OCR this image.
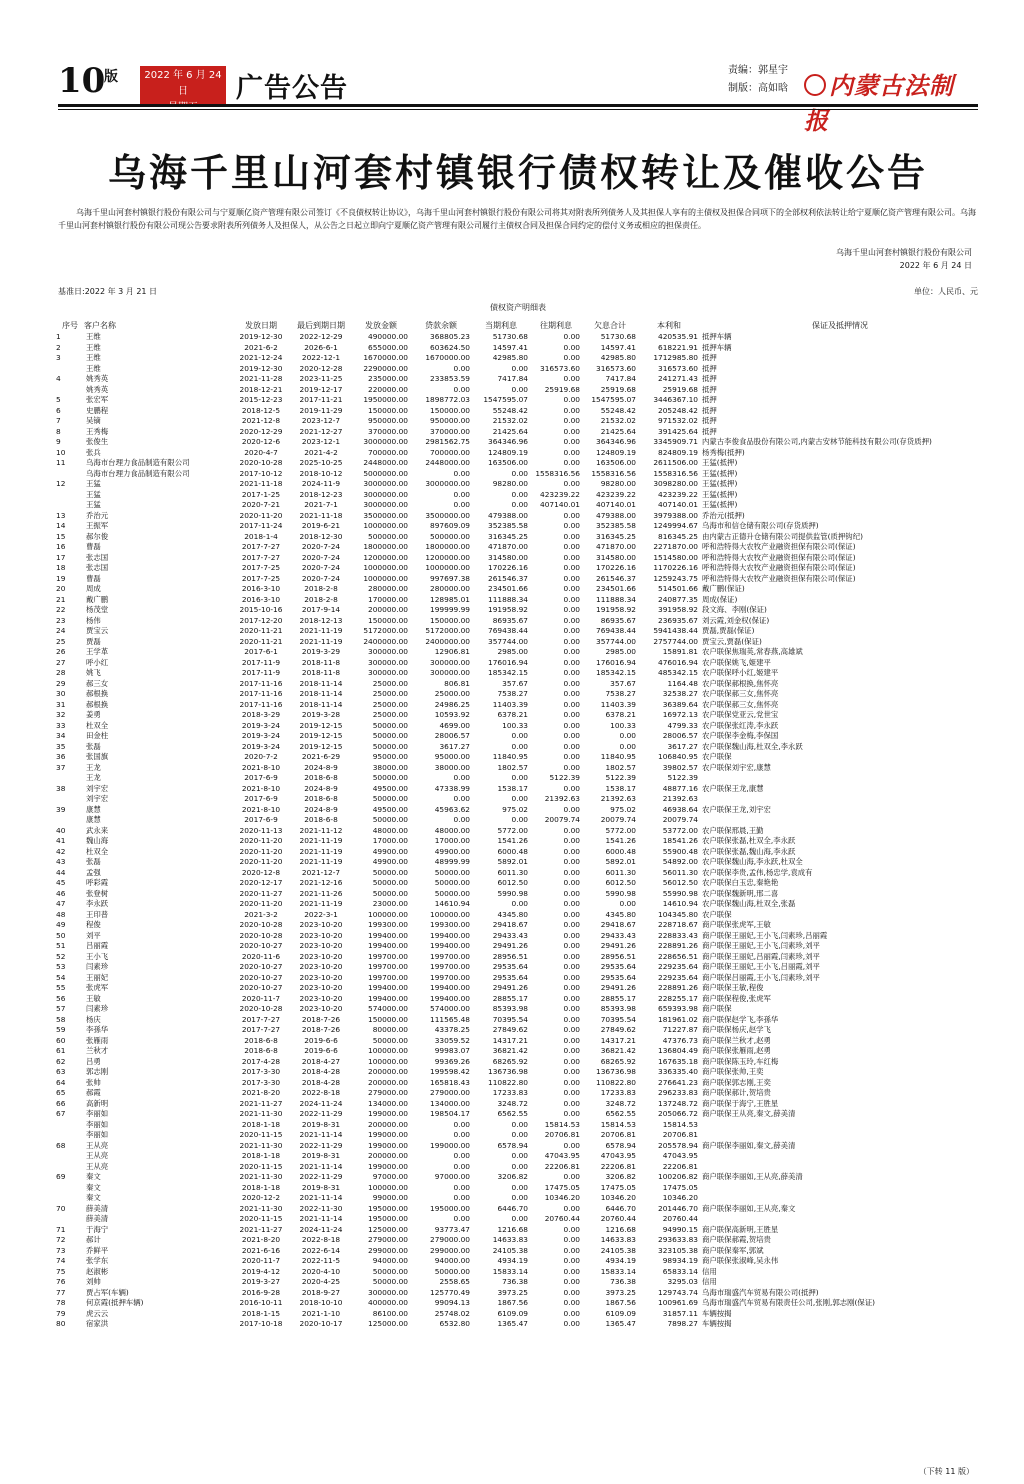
10
版	2022 年 6 月 24 日
星期五
广告公告
责编：郭星宇
制版：高如晗	内蒙古法制报
乌海千里山河套村镇银行债权转让及催收公告
乌海千里山河套村镇银行股份有限公司与宁夏顺亿资产管理有限公司签订《不良债权转让协议》，乌海千里山河套村镇银行股份有限公司将其对附表所列债务人及其担保人享有的主债权及担保合同项下的全部权利依法转让给宁夏顺亿资产管理有限公司。乌海千里山河套村镇银行股份有限公司现公告要求附表所列债务人及担保人，从公告之日起立即向宁夏顺亿资产管理有限公司履行主债权合同及担保合同约定的偿付义务或相应的担保责任。
乌海千里山河套村镇银行股份有限公司
2022 年 6 月 24 日
基准日:2022 年 3 月 21 日	单位：人民币、元
债权资产明细表
序号	客户名称	发放日期	最后到期日期	发放金额	贷款余额	当期利息	往期利息	欠息合计	本利和	保证及抵押情况
1	王维	2019-12-30	2022-12-29	490000.00	368805.23	51730.68	0.00	51730.68	420535.91	抵押车辆
2	王维	2021-6-2	2026-6-1	655000.00	603624.50	14597.41	0.00	14597.41	618221.91	抵押车辆
3	王维	2021-12-24	2022-12-1	1670000.00	1670000.00	42985.80	0.00	42985.80	1712985.80	抵押
	王维	2019-12-30	2020-12-28	2290000.00	0.00	0.00	316573.60	316573.60	316573.60	抵押
4	姚秀英	2021-11-28	2023-11-25	235000.00	233853.59	7417.84	0.00	7417.84	241271.43	抵押
	姚秀英	2018-12-21	2019-12-17	220000.00	0.00	0.00	25919.68	25919.68	25919.68	抵押
5	张宏军	2015-12-23	2017-11-21	1950000.00	1898772.03	1547595.07	0.00	1547595.07	3446367.10	抵押
6	史鹏程	2018-12-5	2019-11-29	150000.00	150000.00	55248.42	0.00	55248.42	205248.42	抵押
7	吴镝	2021-12-8	2023-12-7	950000.00	950000.00	21532.02	0.00	21532.02	971532.02	抵押
8	王秀梅	2020-12-29	2021-12-27	370000.00	370000.00	21425.64	0.00	21425.64	391425.64	抵押
9	张俊生	2020-12-6	2023-12-1	3000000.00	2981562.75	364346.96	0.00	364346.96	3345909.71	内蒙古李俊食品股份有限公司,内蒙古安林节能科技有限公司(存货质押)
10	张兵	2020-4-7	2021-4-2	700000.00	700000.00	124809.19	0.00	124809.19	824809.19	杨秀梅(抵押)
11	乌海市台理力食品制造有限公司	2020-10-28	2025-10-25	2448000.00	2448000.00	163506.00	0.00	163506.00	2611506.00	王猛(抵押)
	乌海市台理力食品制造有限公司	2017-10-12	2018-10-12	5000000.00	0.00	0.00	1558316.56	1558316.56	1558316.56	王猛(抵押)
12	王猛	2021-11-18	2024-11-9	3000000.00	3000000.00	98280.00	0.00	98280.00	3098280.00	王猛(抵押)
	王猛	2017-1-25	2018-12-23	3000000.00	0.00	0.00	423239.22	423239.22	423239.22	王猛(抵押)
	王猛	2020-7-21	2021-7-1	3000000.00	0.00	0.00	407140.01	407140.01	407140.01	王猛(抵押)
13	乔治元	2020-11-20	2021-11-18	3500000.00	3500000.00	479388.00	0.00	479388.00	3979388.00	乔治元(抵押)
14	王振军	2017-11-24	2019-6-21	1000000.00	897609.09	352385.58	0.00	352385.58	1249994.67	乌海市和信仓储有限公司(存货质押)
15	郝尔俊	2018-1-4	2018-12-30	500000.00	500000.00	316345.25	0.00	316345.25	816345.25	由内蒙古正德升仓储有限公司提供监管(质押钩纪)
16	曹磊	2017-7-27	2020-7-24	1800000.00	1800000.00	471870.00	0.00	471870.00	2271870.00	呼和浩特得大农牧产业融资担保有限公司(保证)
17	张志国	2017-7-27	2020-7-24	1200000.00	1200000.00	314580.00	0.00	314580.00	1514580.00	呼和浩特得大农牧产业融资担保有限公司(保证)
18	张志国	2017-7-25	2020-7-24	1000000.00	1000000.00	170226.16	0.00	170226.16	1170226.16	呼和浩特得大农牧产业融资担保有限公司(保证)
19	曹磊	2017-7-25	2020-7-24	1000000.00	997697.38	261546.37	0.00	261546.37	1259243.75	呼和浩特得大农牧产业融资担保有限公司(保证)
20	周成	2016-3-10	2018-2-8	280000.00	280000.00	234501.66	0.00	234501.66	514501.66	戴广鹏(保证)
21	戴广鹏	2016-3-10	2018-2-8	170000.00	128985.01	111888.34	0.00	111888.34	240877.35	周成(保证)
22	杨茂堂	2015-10-16	2017-9-14	200000.00	199999.99	191958.92	0.00	191958.92	391958.92	段文海、李刚(保证)
23	杨伟	2017-12-20	2018-12-13	150000.00	150000.00	86935.67	0.00	86935.67	236935.67	刘云霞,刘金权(保证)
24	贾宝云	2020-11-21	2021-11-19	5172000.00	5172000.00	769438.44	0.00	769438.44	5941438.44	贾磊,贾磊(保证)
25	贾磊	2020-11-21	2021-11-19	2400000.00	2400000.00	357744.00	0.00	357744.00	2757744.00	贾宝云,贾磊(保证)
26	王学革	2017-6-1	2019-3-29	300000.00	12906.81	2985.00	0.00	2985.00	15891.81	农户联保焦瑞英,常春燕,高雄斌
27	呼小红	2017-11-9	2018-11-8	300000.00	300000.00	176016.94	0.00	176016.94	476016.94	农户联保姚飞,姬建平
28	姚飞	2017-11-9	2018-11-8	300000.00	300000.00	185342.15	0.00	185342.15	485342.15	农户联保呼小红,姬建平
29	郝三女	2017-11-16	2018-11-14	25000.00	806.81	357.67	0.00	357.67	1164.48	农户联保郝根换,焦怀亮
30	郝根换	2017-11-16	2018-11-14	25000.00	25000.00	7538.27	0.00	7538.27	32538.27	农户联保郝三女,焦怀亮
31	郝根换	2017-11-16	2018-11-14	25000.00	24986.25	11403.39	0.00	11403.39	36389.64	农户联保郝三女,焦怀亮
32	姜勇	2018-3-29	2019-3-28	25000.00	10593.92	6378.21	0.00	6378.21	16972.13	农户联保党亚云,党世宝
33	杜双全	2019-3-24	2019-12-15	50000.00	4699.00	100.33	0.00	100.33	4799.33	农户联保张红涛,李永跃
34	田金柱	2019-3-24	2019-12-15	50000.00	28006.57	0.00	0.00	0.00	28006.57	农户联保李金梅,李保国
35	张磊	2019-3-24	2019-12-15	50000.00	3617.27	0.00	0.00	0.00	3617.27	农户联保魏山海,杜双全,李永跃
36	张国旗	2020-7-2	2021-6-29	95000.00	95000.00	11840.95	0.00	11840.95	106840.95	农户联保
37	王龙	2021-8-10	2024-8-9	38000.00	38000.00	1802.57	0.00	1802.57	39802.57	农户联保刘宇宏,康慧
	王龙	2017-6-9	2018-6-8	50000.00	0.00	0.00	5122.39	5122.39	5122.39	
38	刘宇宏	2021-8-10	2024-8-9	49500.00	47338.99	1538.17	0.00	1538.17	48877.16	农户联保王龙,康慧
	刘宇宏	2017-6-9	2018-6-8	50000.00	0.00	0.00	21392.63	21392.63	21392.63	
39	康慧	2021-8-10	2024-8-9	49500.00	45963.62	975.02	0.00	975.02	46938.64	农户联保王龙,刘宇宏
	康慧	2017-6-9	2018-6-8	50000.00	0.00	0.00	20079.74	20079.74	20079.74	
40	武永来	2020-11-13	2021-11-12	48000.00	48000.00	5772.00	0.00	5772.00	53772.00	农户联保邢晨,王勤
41	魏山海	2020-11-20	2021-11-19	17000.00	17000.00	1541.26	0.00	1541.26	18541.26	农户联保张磊,杜双全,李永跃
42	杜双全	2020-11-20	2021-11-19	49900.00	49900.00	6000.48	0.00	6000.48	55900.48	农户联保张磊,魏山海,李永跃
43	张磊	2020-11-20	2021-11-19	49900.00	48999.99	5892.01	0.00	5892.01	54892.00	农户联保魏山海,李永跃,杜双全
44	孟强	2020-12-8	2021-12-7	50000.00	50000.00	6011.30	0.00	6011.30	56011.30	农户联保李贵,孟伟,杨忠学,袁成有
45	呼彩霞	2020-12-17	2021-12-16	50000.00	50000.00	6012.50	0.00	6012.50	56012.50	农户联保白玉忠,秦艳艳
46	张登树	2020-11-27	2021-11-26	50000.00	50000.00	5990.98	0.00	5990.98	55990.98	农户联保魏新明,邢二喜
47	李永跃	2020-11-20	2021-11-19	23000.00	14610.94	0.00	0.00	0.00	14610.94	农户联保魏山海,杜双全,张磊
48	王印普	2021-3-2	2022-3-1	100000.00	100000.00	4345.80	0.00	4345.80	104345.80	农户联保
49	程俊	2020-10-28	2023-10-20	199300.00	199300.00	29418.67	0.00	29418.67	228718.67	商户联保张虎军,王敏
50	刘平	2020-10-28	2023-10-20	199400.00	199400.00	29433.43	0.00	29433.43	228833.43	商户联保王丽妃,王小飞,闫素珍,吕丽霞
51	吕丽霞	2020-10-27	2023-10-20	199400.00	199400.00	29491.26	0.00	29491.26	228891.26	商户联保王丽妃,王小飞,闫素珍,刘平
52	王小飞	2020-11-6	2023-10-20	199700.00	199700.00	28956.51	0.00	28956.51	228656.51	商户联保王丽妃,吕丽霞,闫素珍,刘平
53	闫素珍	2020-10-27	2023-10-20	199700.00	199700.00	29535.64	0.00	29535.64	229235.64	商户联保王丽妃,王小飞,吕丽霞,刘平
54	王丽妃	2020-10-27	2023-10-20	199700.00	199700.00	29535.64	0.00	29535.64	229235.64	商户联保吕丽霞,王小飞,闫素珍,刘平
55	张虎军	2020-10-27	2023-10-20	199400.00	199400.00	29491.26	0.00	29491.26	228891.26	商户联保王敏,程俊
56	王敏	2020-11-7	2023-10-20	199400.00	199400.00	28855.17	0.00	28855.17	228255.17	商户联保程俊,张虎军
57	闫素珍	2020-10-28	2023-10-20	574000.00	574000.00	85393.98	0.00	85393.98	659393.98	商户联保
58	杨庆	2017-7-27	2018-7-26	150000.00	111565.48	70395.54	0.00	70395.54	181961.02	商户联保赵学飞,李孫华
59	李孫华	2017-7-27	2018-7-26	80000.00	43378.25	27849.62	0.00	27849.62	71227.87	商户联保杨庆,赵学飞
60	张雁雨	2018-6-8	2019-6-6	50000.00	33059.52	14317.21	0.00	14317.21	47376.73	商户联保兰秋才,赵勇
61	兰秋才	2018-6-8	2019-6-6	100000.00	99983.07	36821.42	0.00	36821.42	136804.49	商户联保张雁雨,赵勇
62	吕勇	2017-4-28	2018-4-27	100000.00	99369.26	68265.92	0.00	68265.92	167635.18	商户联保陈玉玲,车红梅
63	郭志刚	2017-3-30	2018-4-28	200000.00	199598.42	136736.98	0.00	136736.98	336335.40	商户联保张帅,王奕
64	张帅	2017-3-30	2018-4-28	200000.00	165818.43	110822.80	0.00	110822.80	276641.23	商户联保郭志刚,王奕
65	郝霞	2021-8-20	2022-8-18	279000.00	279000.00	17233.83	0.00	17233.83	296233.83	商户联保郝计,贺培贵
66	高新明	2021-11-27	2024-11-24	134000.00	134000.00	3248.72	0.00	3248.72	137248.72	商户联保于海宁,王胜星
67	李丽如	2021-11-30	2022-11-29	199000.00	198504.17	6562.55	0.00	6562.55	205066.72	商户联保王从亮,秦文,薛美清
	李丽如	2018-1-18	2019-8-31	200000.00	0.00	0.00	15814.53	15814.53	15814.53	
	李丽如	2020-11-15	2021-11-14	199000.00	0.00	0.00	20706.81	20706.81	20706.81	
68	王从亮	2021-11-30	2022-11-29	199000.00	199000.00	6578.94	0.00	6578.94	205578.94	商户联保李丽如,秦文,薛美清
	王从亮	2018-1-18	2019-8-31	200000.00	0.00	0.00	47043.95	47043.95	47043.95	
	王从亮	2020-11-15	2021-11-14	199000.00	0.00	0.00	22206.81	22206.81	22206.81	
69	秦文	2021-11-30	2022-11-29	97000.00	97000.00	3206.82	0.00	3206.82	100206.82	商户联保李丽如,王从亮,薛美清
	秦文	2018-1-18	2019-8-31	100000.00	0.00	0.00	17475.05	17475.05	17475.05	
	秦文	2020-12-2	2021-11-14	99000.00	0.00	0.00	10346.20	10346.20	10346.20	
70	薛美清	2021-11-30	2022-11-30	195000.00	195000.00	6446.70	0.00	6446.70	201446.70	商户联保李丽如,王从亮,秦文
	薛美清	2020-11-15	2021-11-14	195000.00	0.00	0.00	20760.44	20760.44	20760.44	
71	于海宁	2021-11-27	2024-11-24	125000.00	93773.47	1216.68	0.00	1216.68	94990.15	商户联保高新明,王胜星
72	郝计	2021-8-20	2022-8-18	279000.00	279000.00	14633.83	0.00	14633.83	293633.83	商户联保郝霞,贺培贵
73	乔鲜平	2021-6-16	2022-6-14	299000.00	299000.00	24105.38	0.00	24105.38	323105.38	商户联保秦军,郭斌
74	张学东	2020-11-7	2022-11-5	94000.00	94000.00	4934.19	0.00	4934.19	98934.19	商户联保张淑峰,吴永伟
75	赵淑彬	2019-4-12	2020-4-10	50000.00	50000.00	15833.14	0.00	15833.14	65833.14	信用
76	刘帅	2019-3-27	2020-4-25	50000.00	2558.65	736.38	0.00	736.38	3295.03	信用
77	贾占军(车辆)	2016-9-28	2018-9-27	300000.00	125770.49	3973.25	0.00	3973.25	129743.74	乌海市瑞盛汽车贸易有限公司(抵押)
78	何京霞(抵押车辆)	2016-10-11	2018-10-10	400000.00	99094.13	1867.56	0.00	1867.56	100961.69	乌海市瑞盛汽车贸易有限责任公司,张刚,郭志刚(保证)
79	虎云云	2018-1-15	2021-1-10	86100.00	25748.02	6109.09	0.00	6109.09	31857.11	车辆按揭
80	宿家洪	2017-10-18	2020-10-17	125000.00	6532.80	1365.47	0.00	1365.47	7898.27	车辆按揭
（下转 11 版）
